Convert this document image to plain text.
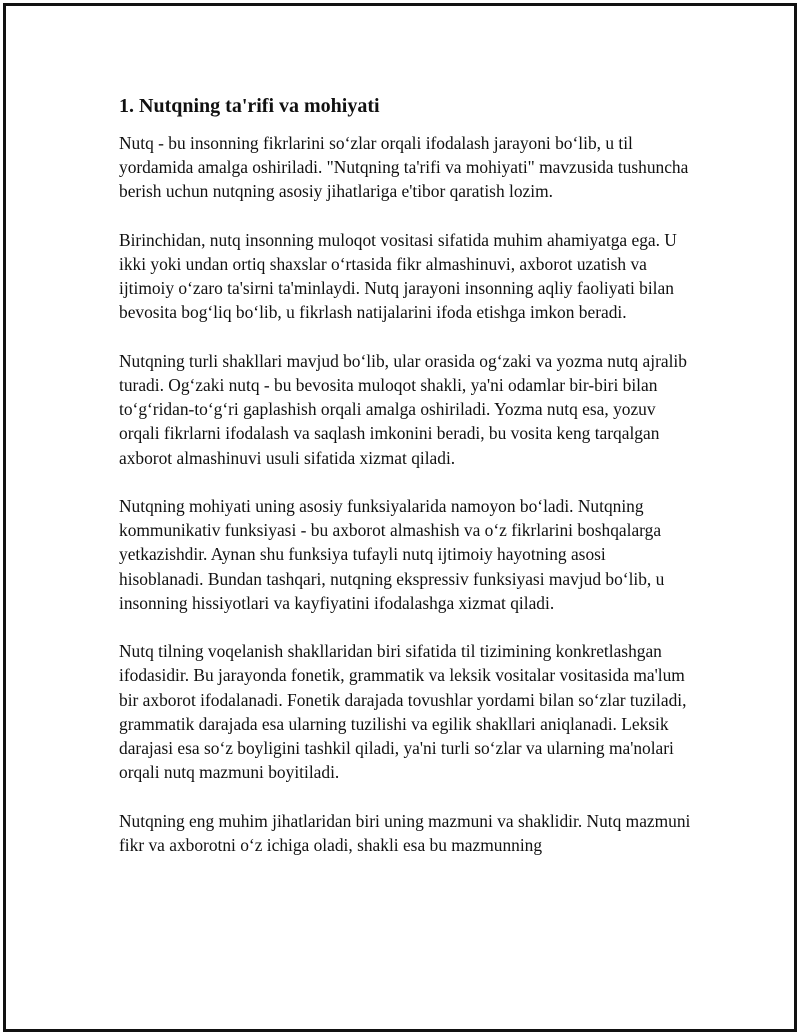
1. Nutqning ta'rifi va mohiyati

Nutq - bu insonning fikrlarini so‘zlar orqali ifodalash jarayoni bo‘lib, u til yordamida amalga oshiriladi. "Nutqning ta'rifi va mohiyati" mavzusida tushuncha berish uchun nutqning asosiy jihatlariga e'tibor qaratish lozim.

Birinchidan, nutq insonning muloqot vositasi sifatida muhim ahamiyatga ega. U ikki yoki undan ortiq shaxslar o‘rtasida fikr almashinuvi, axborot uzatish va ijtimoiy o‘zaro ta'sirni ta'minlaydi. Nutq jarayoni insonning aqliy faoliyati bilan bevosita bog‘liq bo‘lib, u fikrlash natijalarini ifoda etishga imkon beradi.

Nutqning turli shakllari mavjud bo‘lib, ular orasida og‘zaki va yozma nutq ajralib turadi. Og‘zaki nutq - bu bevosita muloqot shakli, ya'ni odamlar bir-biri bilan to‘g‘ridan-to‘g‘ri gaplashish orqali amalga oshiriladi. Yozma nutq esa, yozuv orqali fikrlarni ifodalash va saqlash imkonini beradi, bu vosita keng tarqalgan axborot almashinuvi usuli sifatida xizmat qiladi.

Nutqning mohiyati uning asosiy funksiyalarida namoyon bo‘ladi. Nutqning kommunikativ funksiyasi - bu axborot almashish va o‘z fikrlarini boshqalarga yetkazishdir. Aynan shu funksiya tufayli nutq ijtimoiy hayotning asosi hisoblanadi. Bundan tashqari, nutqning ekspressiv funksiyasi mavjud bo‘lib, u insonning hissiyotlari va kayfiyatini ifodalashga xizmat qiladi.

Nutq tilning voqelanish shakllaridan biri sifatida til tizimining konkretlashgan ifodasidir. Bu jarayonda fonetik, grammatik va leksik vositalar vositasida ma'lum bir axborot ifodalanadi. Fonetik darajada tovushlar yordami bilan so‘zlar tuziladi, grammatik darajada esa ularning tuzilishi va egilik shakllari aniqlanadi. Leksik darajasi esa so‘z boyligini tashkil qiladi, ya'ni turli so‘zlar va ularning ma'nolari orqali nutq mazmuni boyitiladi.

Nutqning eng muhim jihatlaridan biri uning mazmuni va shaklidir. Nutq mazmuni fikr va axborotni o‘z ichiga oladi, shakli esa bu mazmunning
